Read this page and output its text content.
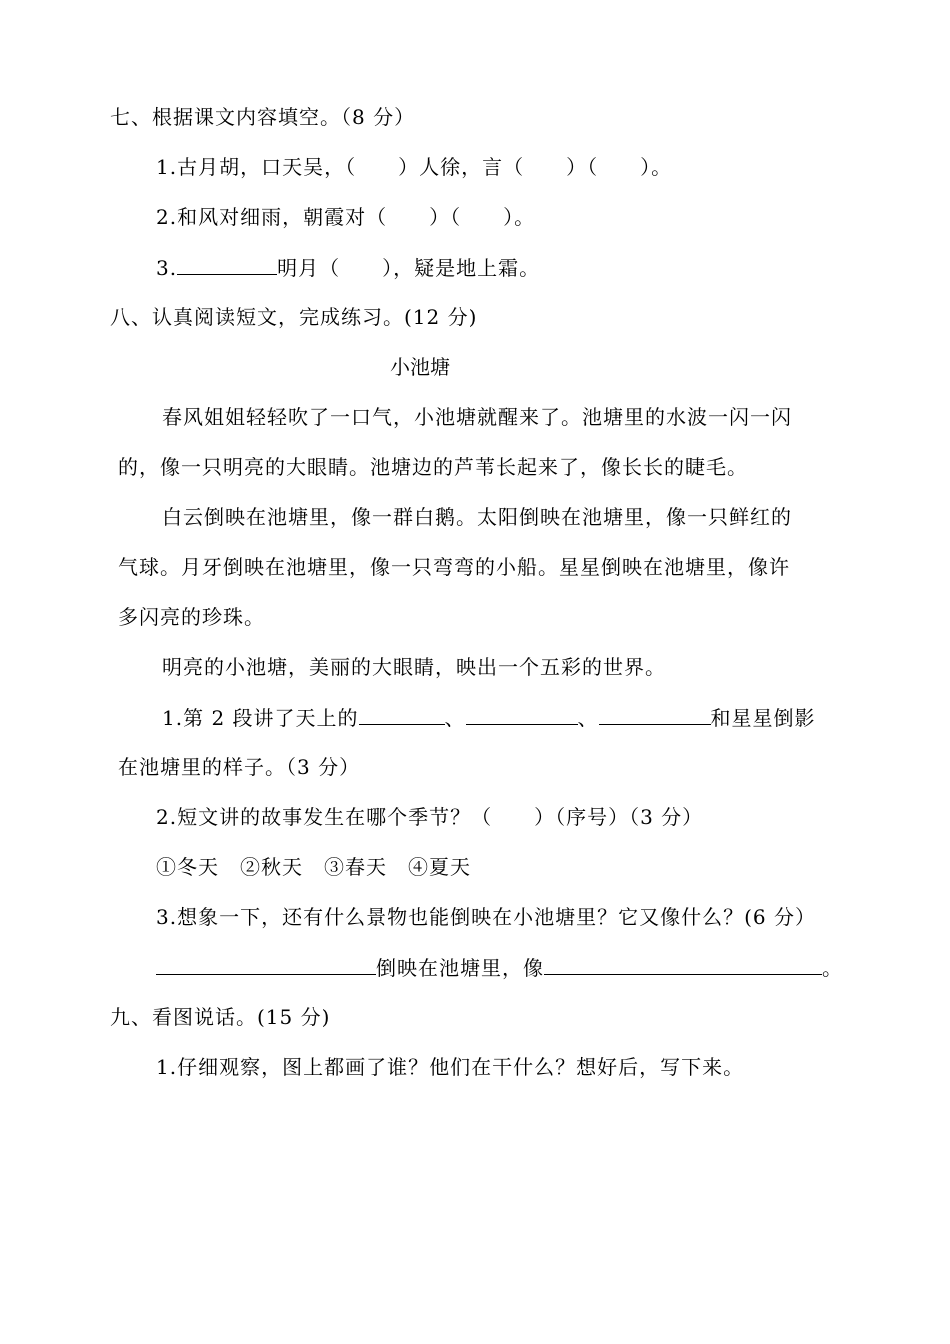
七、根据课文内容填空。（8 分）
1.古月胡，口天吴，（　　）人徐，言（　　）（　　）。
2.和风对细雨，朝霞对（　　）（　　）。
3.	明月（　　），疑是地上霜。
八、认真阅读短文，完成练习。(12 分)
小池塘
春风姐姐轻轻吹了一口气，小池塘就醒来了。池塘里的水波一闪一闪
的，像一只明亮的大眼睛。池塘边的芦苇长起来了，像长长的睫毛。
白云倒映在池塘里，像一群白鹅。太阳倒映在池塘里，像一只鲜红的
气球。月牙倒映在池塘里，像一只弯弯的小船。星星倒映在池塘里，像许
多闪亮的珍珠。
明亮的小池塘，美丽的大眼睛，映出一个五彩的世界。
1.第 2 段讲了天上的	、	、	和星星倒影
在池塘里的样子。（3 分）
2.短文讲的故事发生在哪个季节？（　　）（序号）（3 分）
①冬天　②秋天　③春天　④夏天
3.想象一下，还有什么景物也能倒映在小池塘里？它又像什么？(6 分）
倒映在池塘里，像	。
九、看图说话。(15 分)
1.仔细观察，图上都画了谁？他们在干什么？想好后，写下来。
